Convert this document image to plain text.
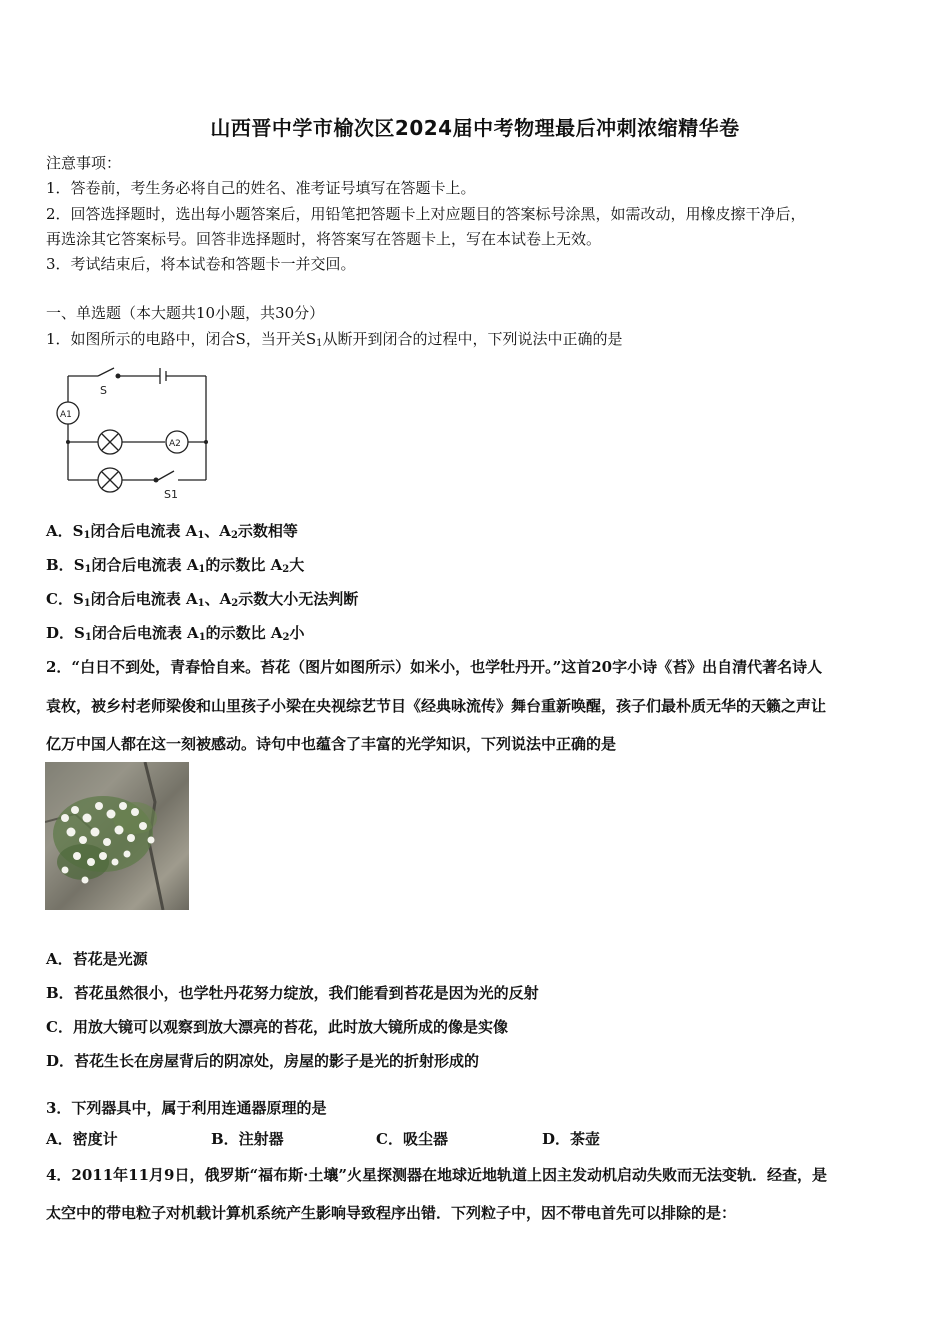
山西晋中学市榆次区2024届中考物理最后冲刺浓缩精华卷
注意事项：
1．答卷前，考生务必将自己的姓名、准考证号填写在答题卡上。
2．回答选择题时，选出每小题答案后，用铅笔把答题卡上对应题目的答案标号涂黑，如需改动，用橡皮擦干净后，
再选涂其它答案标号。回答非选择题时，将答案写在答题卡上，写在本试卷上无效。
3．考试结束后，将本试卷和答题卡一并交回。
一、单选题（本大题共10小题，共30分）
1．如图所示的电路中，闭合S，当开关$S_1$从断开到闭合的过程中，下列说法中正确的是
S
A1
A2
S1
A．$S_1$闭合后电流表 $A_1$、$A_2$示数相等
B．$S_1$闭合后电流表 $A_1$的示数比 $A_2$大
C．$S_1$闭合后电流表 $A_1$、$A_2$示数大小无法判断
D．$S_1$闭合后电流表 $A_1$的示数比 $A_2$小
2．“白日不到处，青春恰自来。苔花（图片如图所示）如米小，也学牡丹开。”这首20字小诗《苔》出自清代著名诗人
袁枚，被乡村老师梁俊和山里孩子小梁在央视综艺节目《经典咏流传》舞台重新唤醒，孩子们最朴质无华的天籁之声让
亿万中国人都在这一刻被感动。诗句中也蕴含了丰富的光学知识，下列说法中正确的是
A．苔花是光源
B．苔花虽然很小，也学牡丹花努力绽放，我们能看到苔花是因为光的反射
C．用放大镜可以观察到放大漂亮的苔花，此时放大镜所成的像是实像
D．苔花生长在房屋背后的阴凉处，房屋的影子是光的折射形成的
3．下列器具中，属于利用连通器原理的是
A．密度计	B．注射器	C．吸尘器	D．茶壶
4．2011年11月9日，俄罗斯“福布斯·土壤”火星探测器在地球近地轨道上因主发动机启动失败而无法变轨．经查，是
太空中的带电粒子对机载计算机系统产生影响导致程序出错．下列粒子中，因不带电首先可以排除的是：
